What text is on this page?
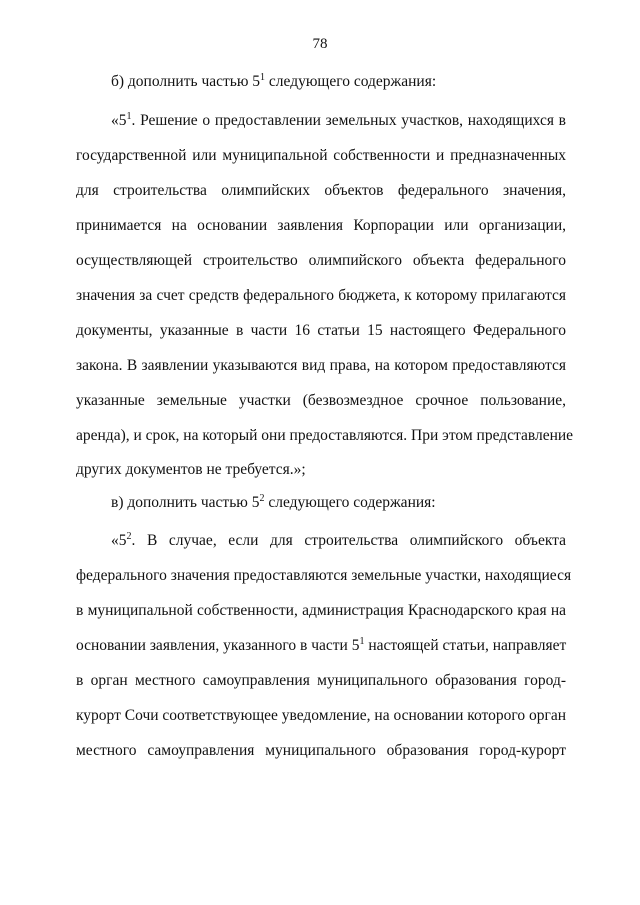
78
б) дополнить частью $5^1$ следующего содержания:
«$5^1$. Решение о предоставлении земельных участков, находящихся в
государственной или муниципальной собственности и предназначенных
для строительства олимпийских объектов федерального значения,
принимается на основании заявления Корпорации или организации,
осуществляющей строительство олимпийского объекта федерального
значения за счет средств федерального бюджета, к которому прилагаются
документы, указанные в части 16 статьи 15 настоящего Федерального
закона. В заявлении указываются вид права, на котором предоставляются
указанные земельные участки (безвозмездное срочное пользование,
аренда), и срок, на который они предоставляются. При этом представление
других документов не требуется.»;
в) дополнить частью $5^2$ следующего содержания:
«$5^2$. В случае, если для строительства олимпийского объекта
федерального значения предоставляются земельные участки, находящиеся
в муниципальной собственности, администрация Краснодарского края на
основании заявления, указанного в части $5^1$ настоящей статьи, направляет
в орган местного самоуправления муниципального образования город-
курорт Сочи соответствующее уведомление, на основании которого орган
местного самоуправления муниципального образования город-курорт
